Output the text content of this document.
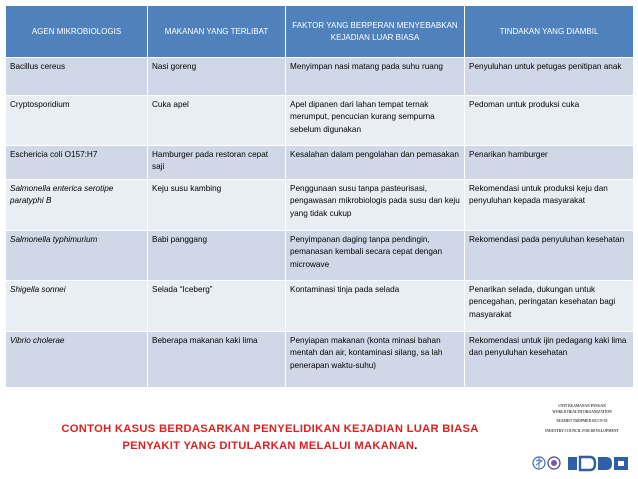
AGEN MIKROBIOLOGIS	MAKANAN YANG TERLIBAT	FAKTOR YANG BERPERAN MENYEBABKAN KEJADIAN LUAR BIASA	TINDAKAN YANG DIAMBIL
Bacillus cereus	Nasi goreng	Menyimpan nasi matang pada suhu ruang	Penyuluhan untuk petugas penitipan anak
Cryptosporidium	Cuka apel	Apel dipanen dari lahan tempat ternak merumput, pencucian kurang sempurna sebelum digunakan	Pedoman untuk produksi cuka
Eschericia coli O157:H7	Hamburger pada restoran cepat saji	Kesalahan dalam pengolahan dan pemasakan	Penarikan hamburger
Salmonella enterica serotipe paratyphi B	Keju susu kambing	Penggunaan susu tanpa pasteurisasi, pengawasan mikrobiologis pada susu dan keju yang tidak cukup	Rekomendasi untuk produksi keju dan penyuluhan kepada masyarakat
Salmonella typhimurium	Babi panggang	Penyimpanan daging tanpa pendingin, pemanasan kembali secara cepat dengan microwave	Rekomendasi pada penyuluhan kesehatan
Shigella sonnei	Selada “Iceberg”	Kontaminasi tinja pada selada	Penarikan selada, dukungan untuk pencegahan, peringatan kesehatan bagi masyarakat
Vibrio cholerae	Beberapa makanan kaki lima	Penyiapan makanan (konta minasi bahan mentah dan air, kontaminasi silang, sa lah penerapan waktu-suhu)	Rekomendasi untuk ijin pedagang kaki lima dan penyuluhan kesehatan
CONTOH KASUS BERDASARKAN PENYELIDIKAN KEJADIAN LUAR BIASA
PENYAKIT YANG DITULARKAN MELALUI MAKANAN.
UNIT KEAMANAN PANGAN
WORLD HEALTH ORGANIZATION
SEAMEO TROPMED RCCN UI
INDUSTRY COUNCIL FOR DEVELOPMENT
